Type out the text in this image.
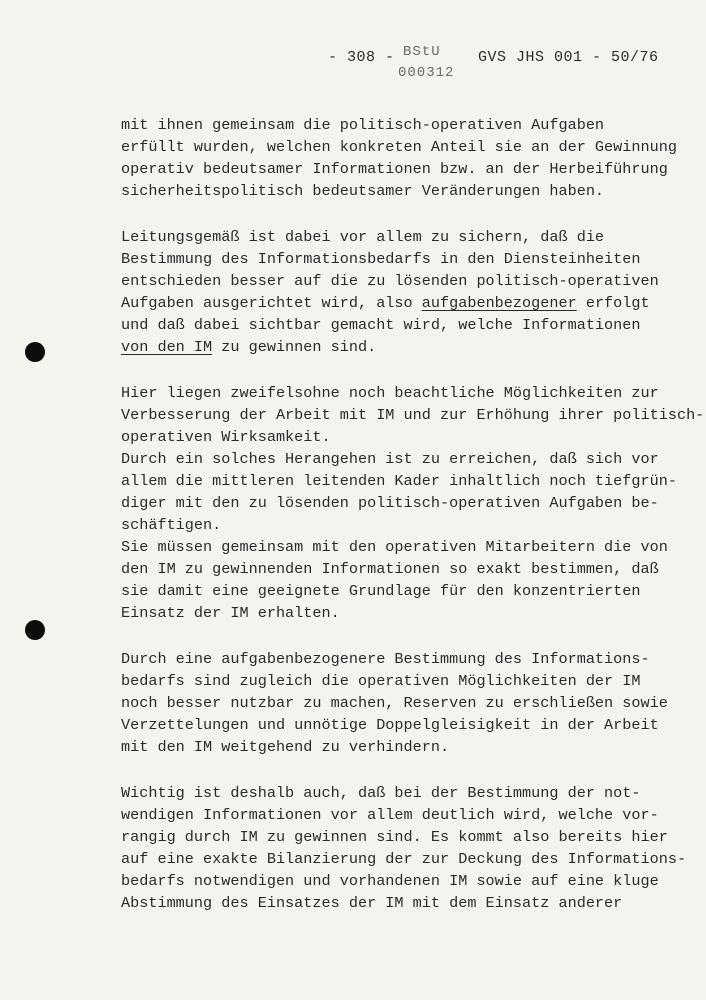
- 308 - BStU
000312
GVS JHS 001 - 50/76
mit ihnen gemeinsam die politisch-operativen Aufgaben
erfüllt wurden, welchen konkreten Anteil sie an der Gewinnung
operativ bedeutsamer Informationen bzw. an der Herbeiführung
sicherheitspolitisch bedeutsamer Veränderungen haben.
Leitungsgemäß ist dabei vor allem zu sichern, daß die
Bestimmung des Informationsbedarfs in den Diensteinheiten
entschieden besser auf die zu lösenden politisch-operativen
Aufgaben ausgerichtet wird, also aufgabenbezogener erfolgt
und daß dabei sichtbar gemacht wird, welche Informationen
von den IM zu gewinnen sind.
Hier liegen zweifelsohne noch beachtliche Möglichkeiten zur
Verbesserung der Arbeit mit IM und zur Erhöhung ihrer politisch-
operativen Wirksamkeit.
Durch ein solches Herangehen ist zu erreichen, daß sich vor
allem die mittleren leitenden Kader inhaltlich noch tiefgrün-
diger mit den zu lösenden politisch-operativen Aufgaben be-
schäftigen.
Sie müssen gemeinsam mit den operativen Mitarbeitern die von
den IM zu gewinnenden Informationen so exakt bestimmen, daß
sie damit eine geeignete Grundlage für den konzentrierten
Einsatz der IM erhalten.
Durch eine aufgabenbezogenere Bestimmung des Informations-
bedarfs sind zugleich die operativen Möglichkeiten der IM
noch besser nutzbar zu machen, Reserven zu erschließen sowie
Verzettelungen und unnötige Doppelgleisigkeit in der Arbeit
mit den IM weitgehend zu verhindern.
Wichtig ist deshalb auch, daß bei der Bestimmung der not-
wendigen Informationen vor allem deutlich wird, welche vor-
rangig durch IM zu gewinnen sind. Es kommt also bereits hier
auf eine exakte Bilanzierung der zur Deckung des Informations-
bedarfs notwendigen und vorhandenen IM sowie auf eine kluge
Abstimmung des Einsatzes der IM mit dem Einsatz anderer
